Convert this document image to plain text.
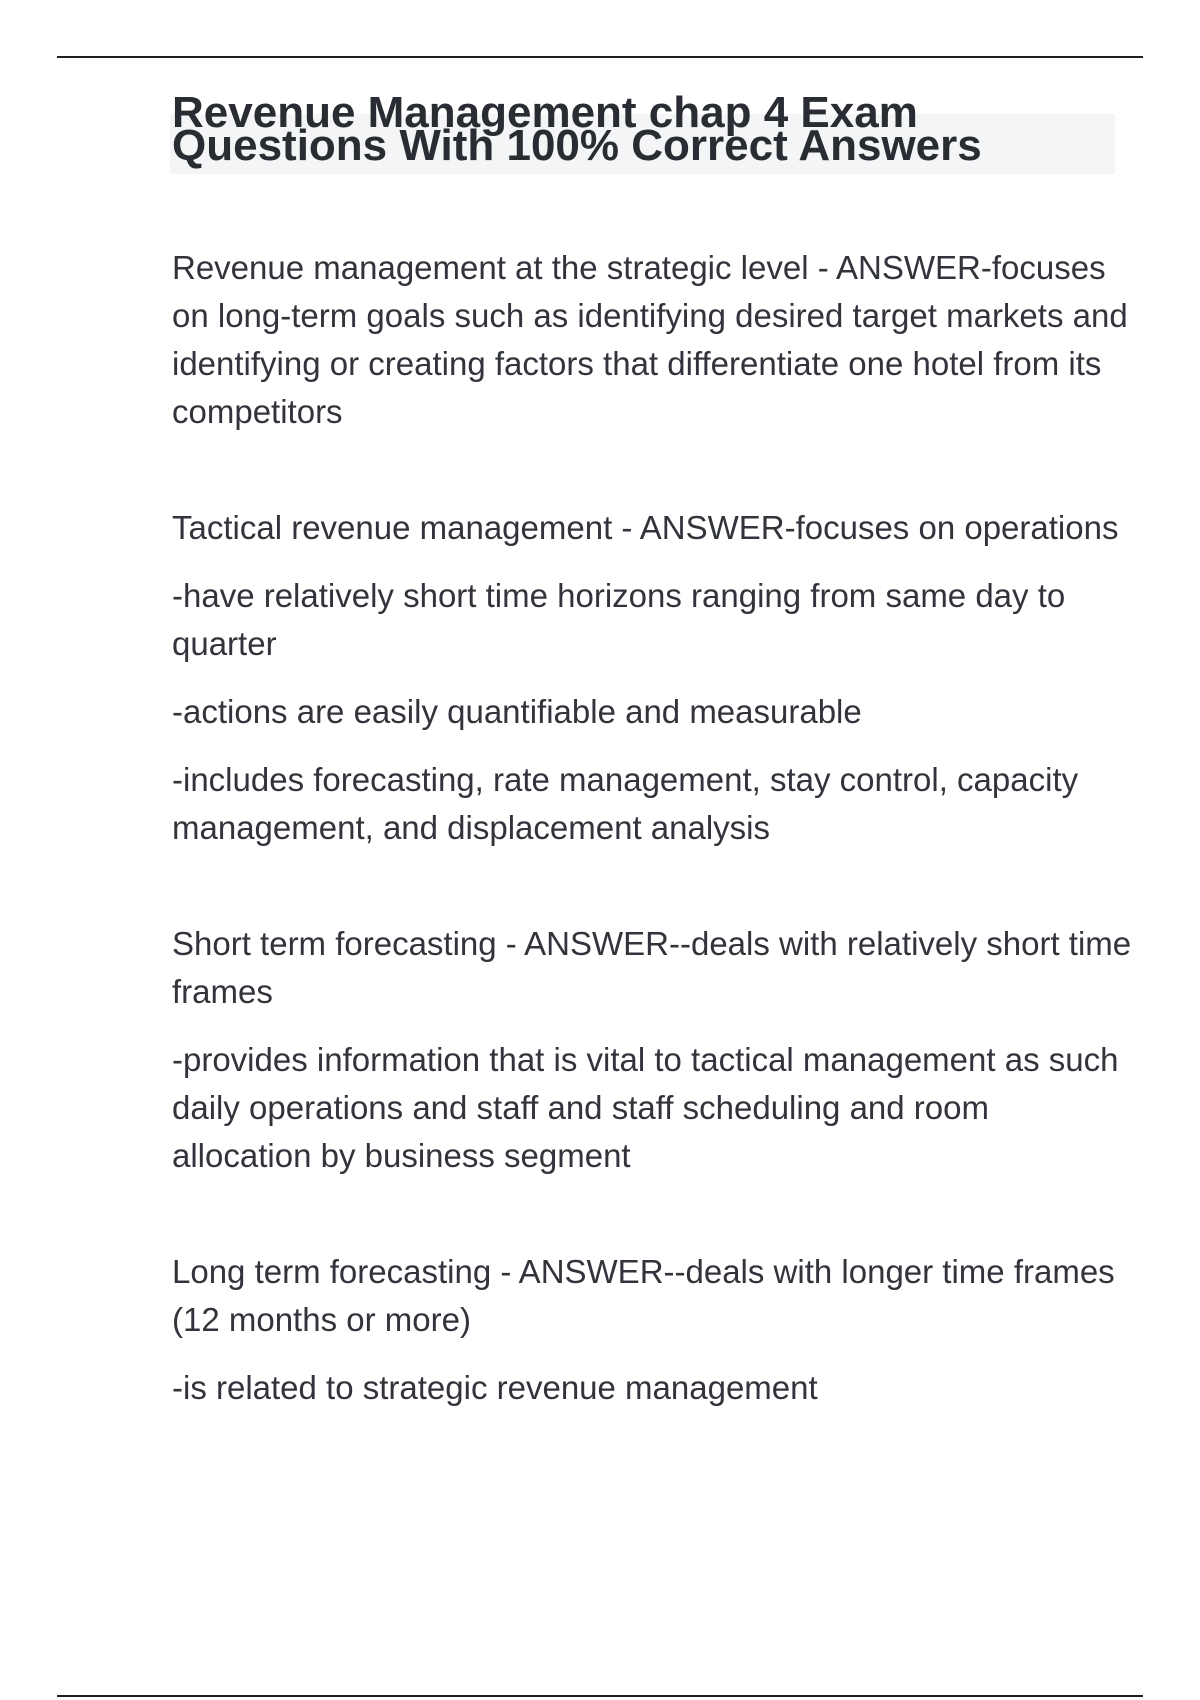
Revenue Management chap 4 Exam Questions With 100% Correct Answers

Revenue management at the strategic level - ANSWER-focuses on long-term goals such as identifying desired target markets and identifying or creating factors that differentiate one hotel from its competitors

Tactical revenue management - ANSWER-focuses on operations

-have relatively short time horizons ranging from same day to quarter

-actions are easily quantifiable and measurable

-includes forecasting, rate management, stay control, capacity management, and displacement analysis

Short term forecasting - ANSWER--deals with relatively short time frames

-provides information that is vital to tactical management as such daily operations and staff and staff scheduling and room allocation by business segment

Long term forecasting - ANSWER--deals with longer time frames (12 months or more)

-is related to strategic revenue management
